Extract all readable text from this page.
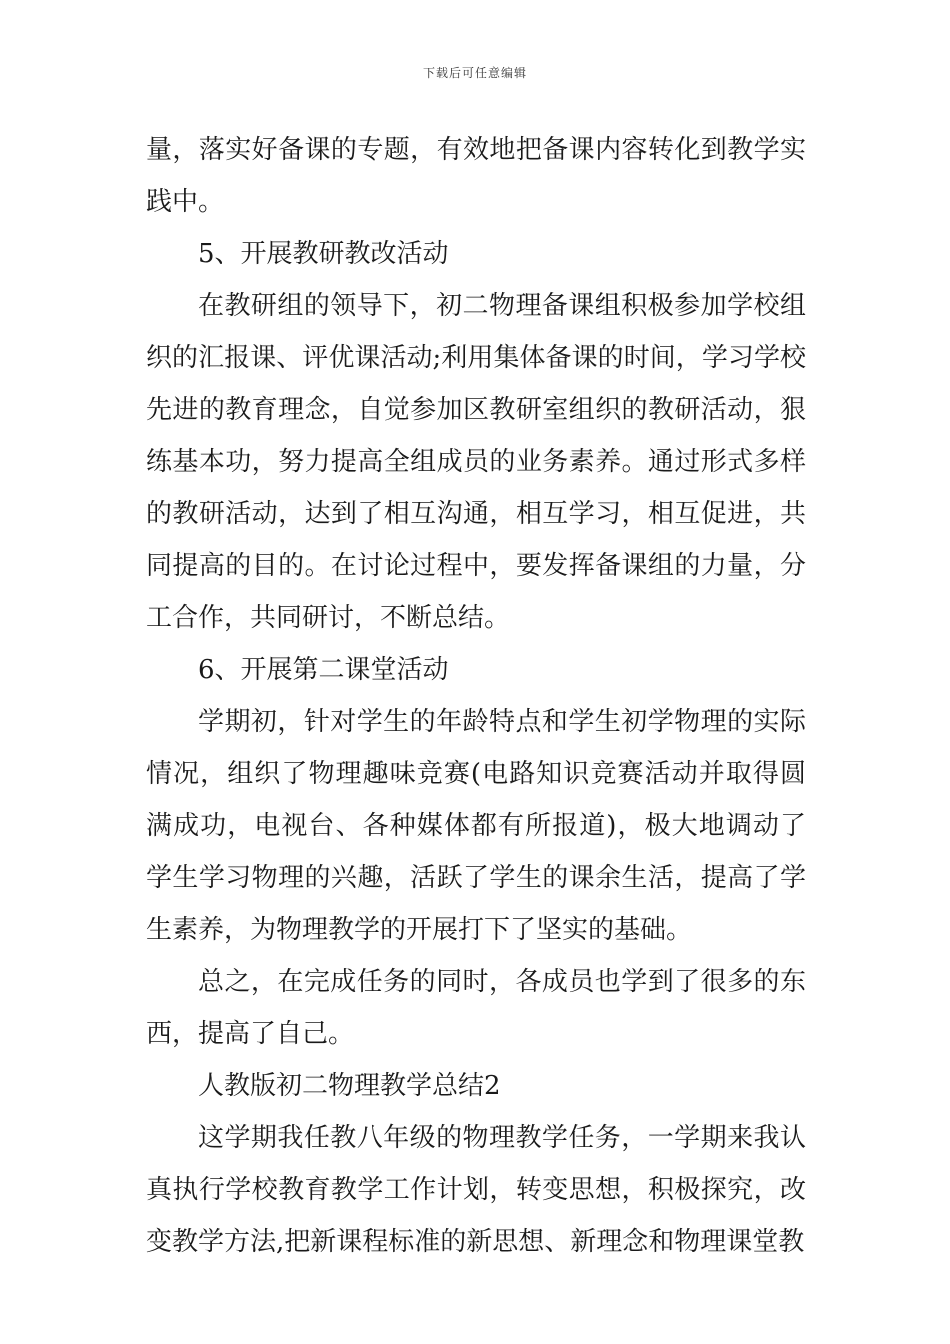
下载后可任意编辑

量，落实好备课的专题，有效地把备课内容转化到教学实践中。

5、开展教研教改活动

在教研组的领导下，初二物理备课组积极参加学校组织的汇报课、评优课活动;利用集体备课的时间，学习学校先进的教育理念，自觉参加区教研室组织的教研活动，狠练基本功，努力提高全组成员的业务素养。通过形式多样的教研活动，达到了相互沟通，相互学习，相互促进，共同提高的目的。在讨论过程中，要发挥备课组的力量，分工合作，共同研讨，不断总结。

6、开展第二课堂活动

学期初，针对学生的年龄特点和学生初学物理的实际情况，组织了物理趣味竞赛(电路知识竞赛活动并取得圆满成功，电视台、各种媒体都有所报道)，极大地调动了学生学习物理的兴趣，活跃了学生的课余生活，提高了学生素养，为物理教学的开展打下了坚实的基础。

总之，在完成任务的同时，各成员也学到了很多的东西，提高了自己。

人教版初二物理教学总结2

这学期我任教八年级的物理教学任务，一学期来我认真执行学校教育教学工作计划，转变思想，积极探究，改变教学方法,把新课程标准的新思想、新理念和物理课堂教
